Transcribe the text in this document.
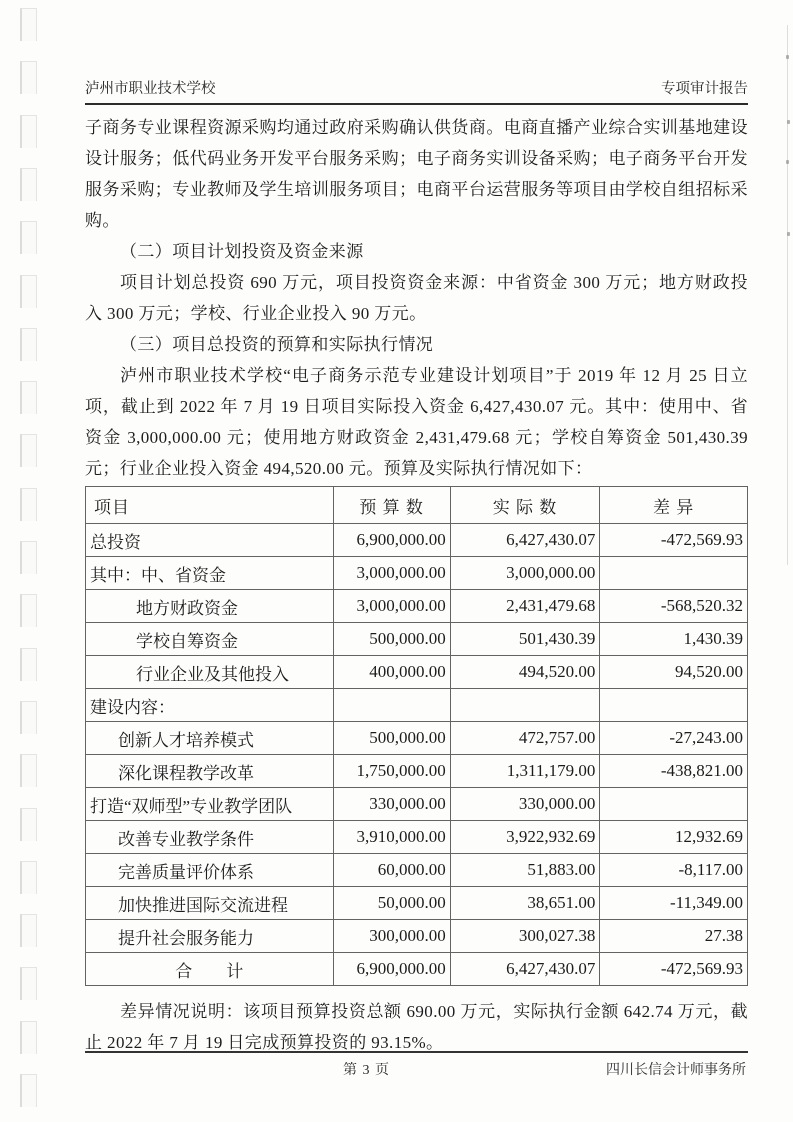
泸州市职业技术学校	专项审计报告

子商务专业课程资源采购均通过政府采购确认供货商。电商直播产业综合实训基地建设设计服务；低代码业务开发平台服务采购；电子商务实训设备采购；电子商务平台开发服务采购；专业教师及学生培训服务项目；电商平台运营服务等项目由学校自组招标采购。

（二）项目计划投资及资金来源

项目计划总投资 690 万元，项目投资资金来源：中省资金 300 万元；地方财政投入 300 万元；学校、行业企业投入 90 万元。

（三）项目总投资的预算和实际执行情况

泸州市职业技术学校“电子商务示范专业建设计划项目”于 2019 年 12 月 25 日立项，截止到 2022 年 7 月 19 日项目实际投入资金 6,427,430.07 元。其中：使用中、省资金 3,000,000.00 元；使用地方财政资金 2,431,479.68 元；学校自筹资金 501,430.39 元；行业企业投入资金 494,520.00 元。预算及实际执行情况如下：

项目	预 算 数	实 际 数	差 异
总投资	6,900,000.00	6,427,430.07	-472,569.93
其中：中、省资金	3,000,000.00	3,000,000.00	
地方财政资金	3,000,000.00	2,431,479.68	-568,520.32
学校自筹资金	500,000.00	501,430.39	1,430.39
行业企业及其他投入	400,000.00	494,520.00	94,520.00
建设内容：			
创新人才培养模式	500,000.00	472,757.00	-27,243.00
深化课程教学改革	1,750,000.00	1,311,179.00	-438,821.00
打造“双师型”专业教学团队	330,000.00	330,000.00	
改善专业教学条件	3,910,000.00	3,922,932.69	12,932.69
完善质量评价体系	60,000.00	51,883.00	-8,117.00
加快推进国际交流进程	50,000.00	38,651.00	-11,349.00
提升社会服务能力	300,000.00	300,027.38	27.38
合　　计	6,900,000.00	6,427,430.07	-472,569.93

差异情况说明：该项目预算投资总额 690.00 万元，实际执行金额 642.74 万元，截止 2022 年 7 月 19 日完成预算投资的 93.15%。

第 3 页	四川长信会计师事务所
